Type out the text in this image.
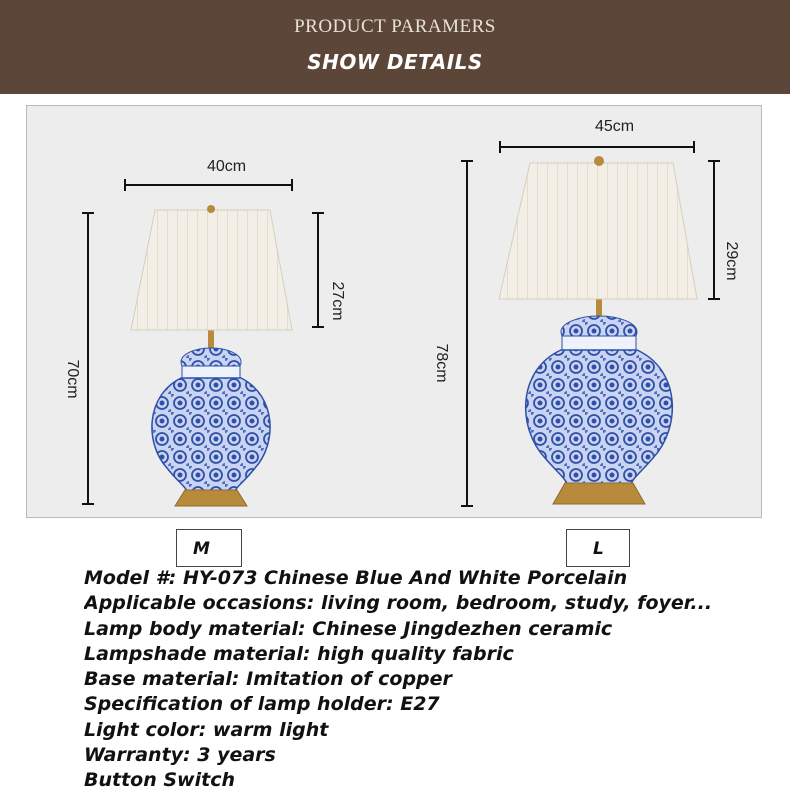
PRODUCT PARAMERS
SHOW DETAILS
40cm
70cm
27cm
45cm
78cm
29cm
M	L
Model #: HY-073 Chinese Blue And White Porcelain
Applicable occasions: living room, bedroom, study, foyer...
Lamp body material: Chinese Jingdezhen ceramic
Lampshade material: high quality fabric
Base material: Imitation of copper
Specification of lamp holder: E27
Light color: warm light
Warranty: 3 years
Button Switch
